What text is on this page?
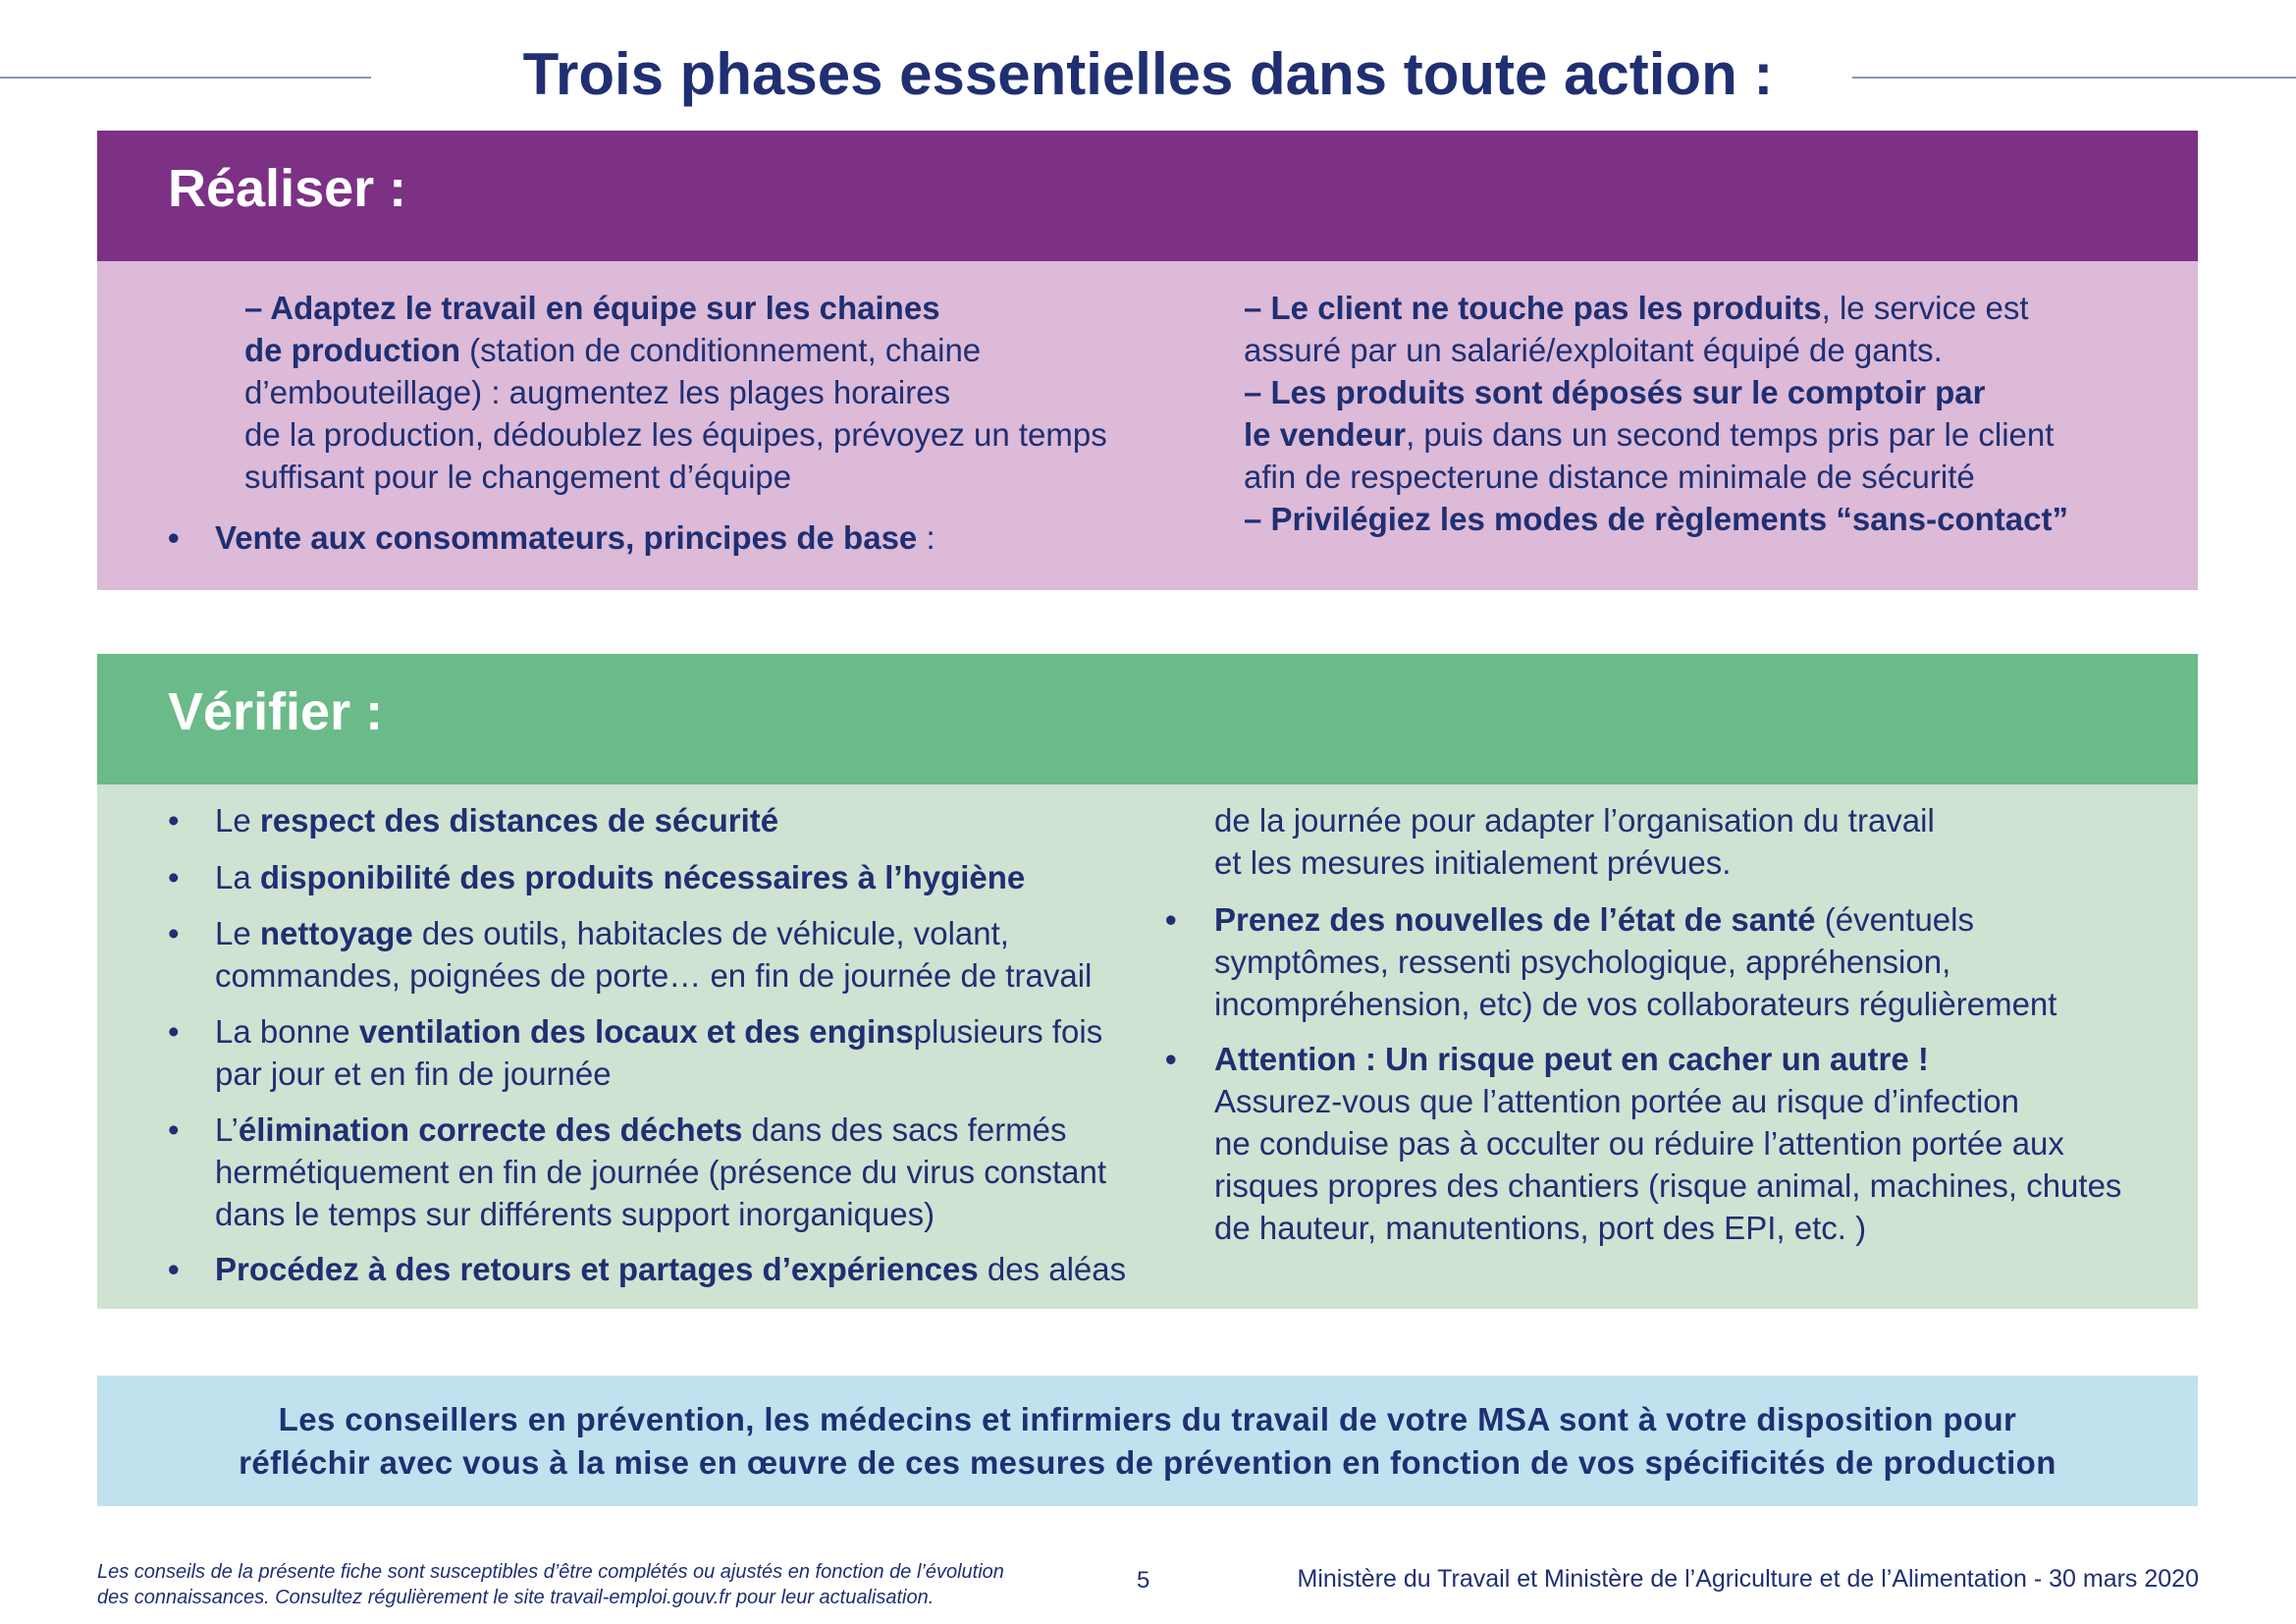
Trois phases essentielles dans toute action :
Réaliser :
– Adaptez le travail en équipe sur les chaines
de production (station de conditionnement, chaine
d’embouteillage) : augmentez les plages horaires
de la production, dédoublez les équipes, prévoyez un temps
suffisant pour le changement d’équipe
•	Vente aux consommateurs, principes de base :
– Le client ne touche pas les produits, le service est
assuré par un salarié/exploitant équipé de gants.
– Les produits sont déposés sur le comptoir par
le vendeur, puis dans un second temps pris par le client
afin de respecterune distance minimale de sécurité
– Privilégiez les modes de règlements “sans-contact”
Vérifier :
•	Le respect des distances de sécurité
•	La disponibilité des produits nécessaires à l’hygiène
•	Le nettoyage des outils, habitacles de véhicule, volant,
commandes, poignées de porte… en fin de journée de travail
•	La bonne ventilation des locaux et des enginsplusieurs fois
par jour et en fin de journée
•	L’élimination correcte des déchets dans des sacs fermés
hermétiquement en fin de journée (présence du virus constant
dans le temps sur différents support inorganiques)
•	Procédez à des retours et partages d’expériences des aléas
de la journée pour adapter l’organisation du travail
et les mesures initialement prévues.
•	Prenez des nouvelles de l’état de santé (éventuels
symptômes, ressenti psychologique, appréhension,
incompréhension, etc) de vos collaborateurs régulièrement
•	Attention : Un risque peut en cacher un autre !
Assurez-vous que l’attention portée au risque d’infection
ne conduise pas à occulter ou réduire l’attention portée aux
risques propres des chantiers (risque animal, machines, chutes
de hauteur, manutentions, port des EPI, etc. )
Les conseillers en prévention, les médecins et infirmiers du travail de votre MSA sont à votre disposition pour
réfléchir avec vous à la mise en œuvre de ces mesures de prévention en fonction de vos spécificités de production
Les conseils de la présente fiche sont susceptibles d’être complétés ou ajustés en fonction de l’évolution
des connaissances. Consultez régulièrement le site travail-emploi.gouv.fr pour leur actualisation.
5	Ministère du Travail et Ministère de l’Agriculture et de l’Alimentation - 30 mars 2020
